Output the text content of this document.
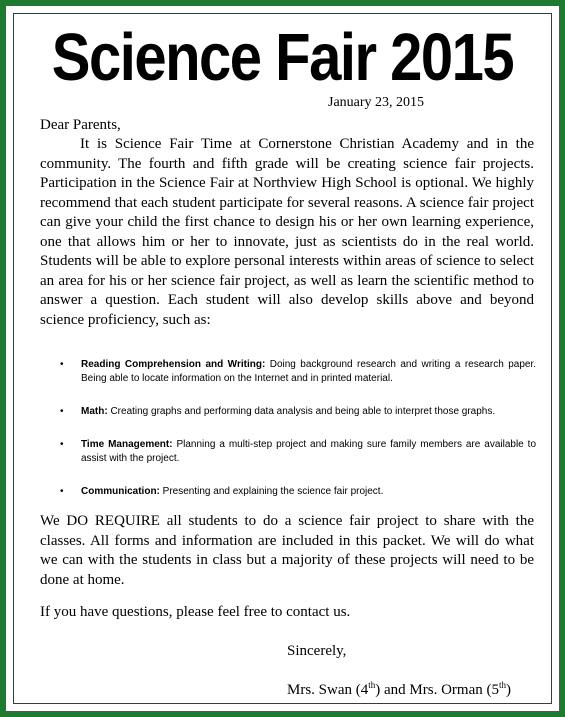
Science Fair 2015
January 23, 2015
Dear Parents,

It is Science Fair Time at Cornerstone Christian Academy and in the community. The fourth and fifth grade will be creating science fair projects. Participation in the Science Fair at Northview High School is optional. We highly recommend that each student participate for several reasons. A science fair project can give your child the first chance to design his or her own learning experience, one that allows him or her to innovate, just as scientists do in the real world. Students will be able to explore personal interests within areas of science to select an area for his or her science fair project, as well as learn the scientific method to answer a question. Each student will also develop skills above and beyond science proficiency, such as:

• Reading Comprehension and Writing: Doing background research and writing a research paper. Being able to locate information on the Internet and in printed material.
• Math: Creating graphs and performing data analysis and being able to interpret those graphs.
• Time Management: Planning a multi-step project and making sure family members are available to assist with the project.
• Communication: Presenting and explaining the science fair project.

We DO REQUIRE all students to do a science fair project to share with the classes. All forms and information are included in this packet. We will do what we can with the students in class but a majority of these projects will need to be done at home.

If you have questions, please feel free to contact us.

Sincerely,
Mrs. Swan (4th) and Mrs. Orman (5th)
